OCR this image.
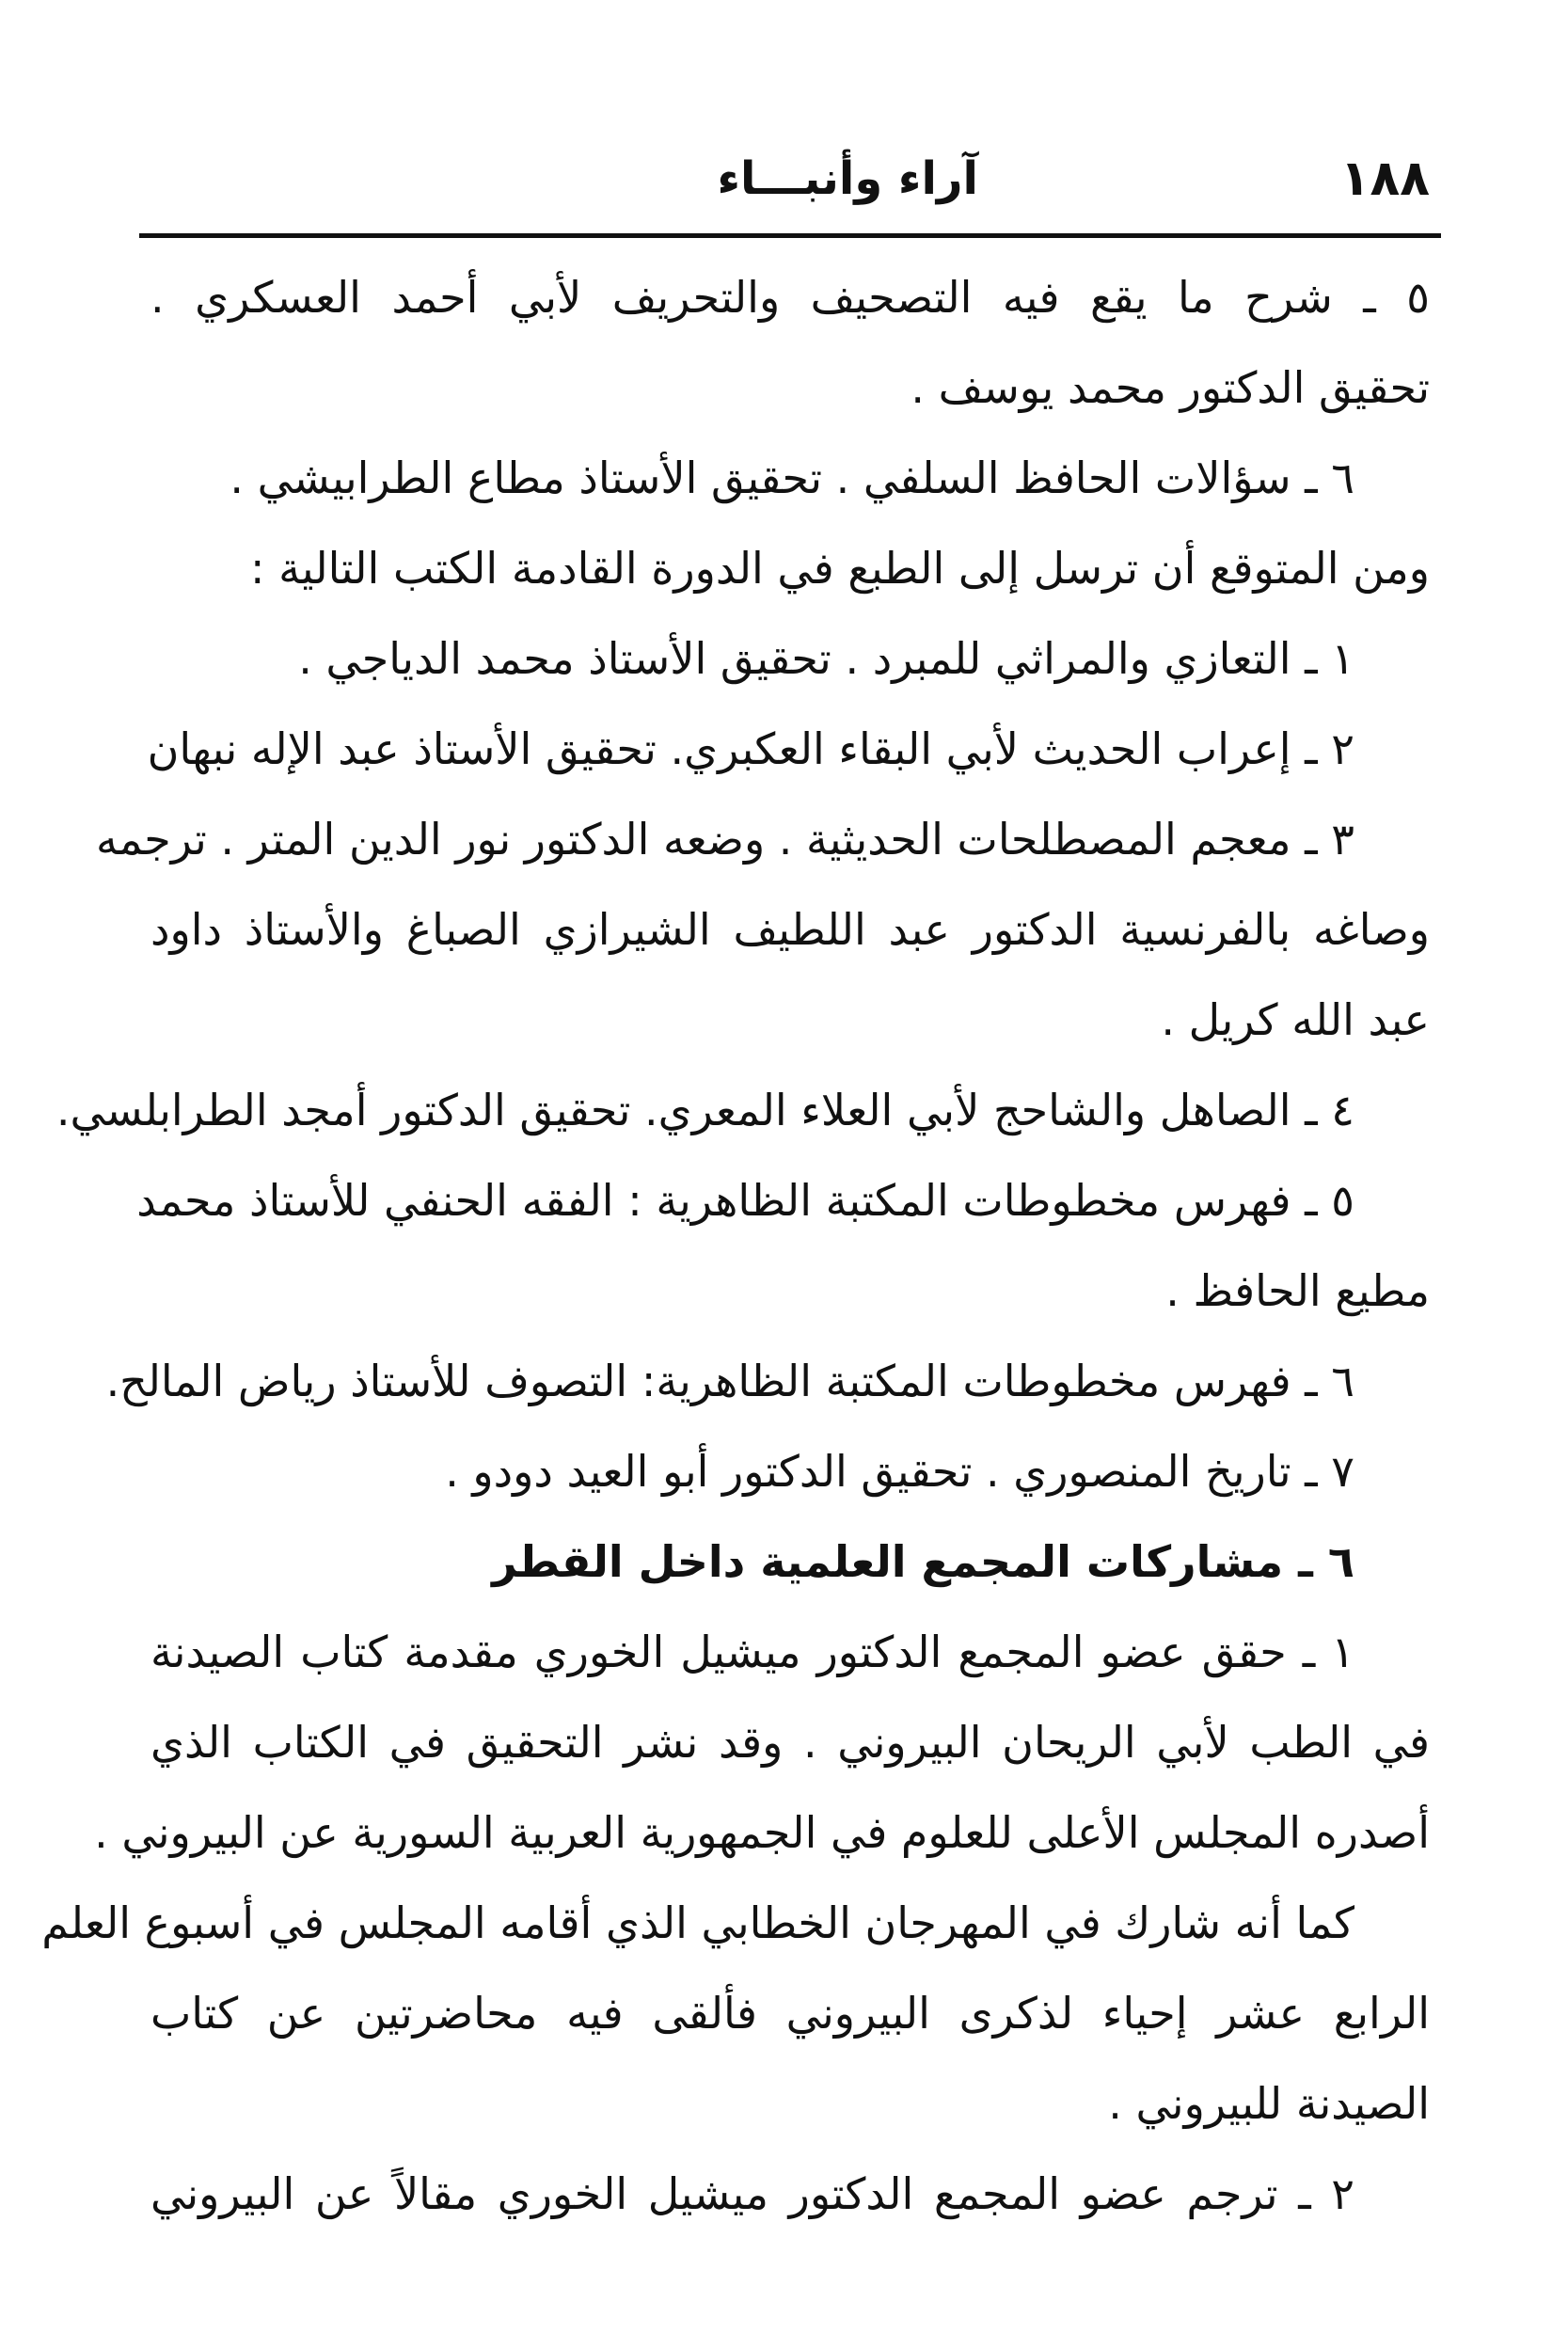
١٨٨
آراء وأنبـــاء
٥ ـ شرح ما يقع فيه التصحيف والتحريف لأبي أحمد العسكري .
تحقيق الدكتور محمد يوسف .
٦ ـ سؤالات الحافظ السلفي . تحقيق الأستاذ مطاع الطرابيشي .
ومن المتوقع أن ترسل إلى الطبع في الدورة القادمة الكتب التالية :
١ ـ التعازي والمراثي للمبرد . تحقيق الأستاذ محمد الدياجي .
٢ ـ إعراب الحديث لأبي البقاء العكبري. تحقيق الأستاذ عبد الإله نبهان
٣ ـ معجم المصطلحات الحديثية . وضعه الدكتور نور الدين المتر . ترجمه
وصاغه بالفرنسية الدكتور عبد اللطيف الشيرازي الصباغ والأستاذ داود
عبد الله كريل .
٤ ـ الصاهل والشاحج لأبي العلاء المعري. تحقيق الدكتور أمجد الطرابلسي.
٥ ـ فهرس مخطوطات المكتبة الظاهرية : الفقه الحنفي للأستاذ محمد
مطيع الحافظ .
٦ ـ فهرس مخطوطات المكتبة الظاهرية: التصوف للأستاذ رياض المالح.
٧ ـ تاريخ المنصوري . تحقيق الدكتور أبو العيد دودو .
٦ ـ مشاركات المجمع العلمية داخل القطر
١ ـ حقق عضو المجمع الدكتور ميشيل الخوري مقدمة كتاب الصيدنة
في الطب لأبي الريحان البيروني . وقد نشر التحقيق في الكتاب الذي
أصدره المجلس الأعلى للعلوم في الجمهورية العربية السورية عن البيروني .
كما أنه شارك في المهرجان الخطابي الذي أقامه المجلس في أسبوع العلم
الرابع عشر إحياء لذكرى البيروني فألقى فيه محاضرتين عن كتاب
الصيدنة للبيروني .
٢ ـ ترجم عضو المجمع الدكتور ميشيل الخوري مقالاً عن البيروني
